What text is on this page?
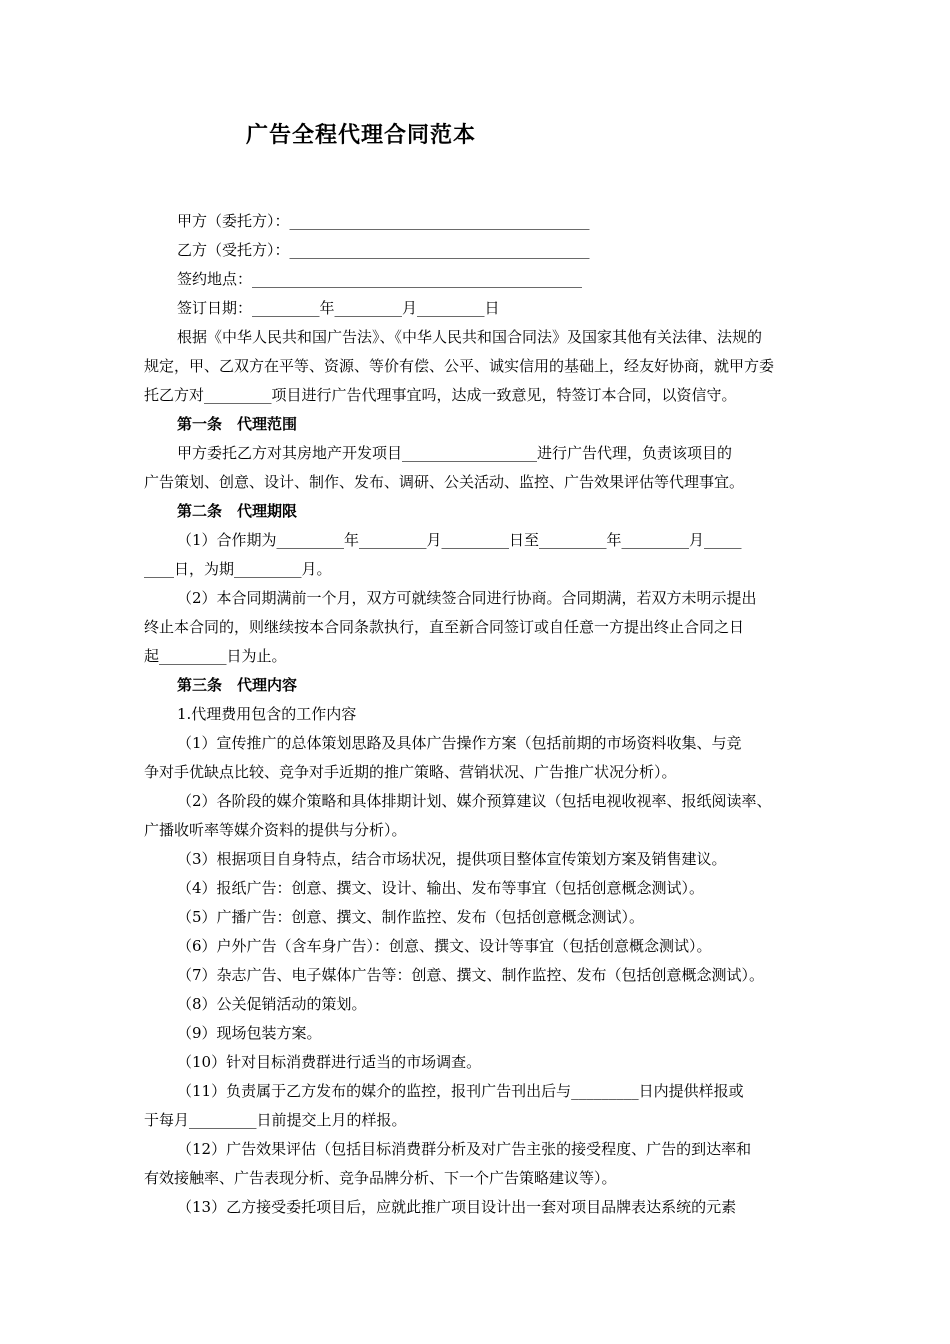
广告全程代理合同范本
甲方（委托方）：________________________________________
乙方（受托方）：________________________________________
签约地点：____________________________________________
签订日期：_________年_________月_________日
根据《中华人民共和国广告法》、《中华人民共和国合同法》及国家其他有关法律、法规的
规定，甲、乙双方在平等、资源、等价有偿、公平、诚实信用的基础上，经友好协商，就甲方委
托乙方对_________项目进行广告代理事宜吗，达成一致意见，特签订本合同，以资信守。
第一条　代理范围
甲方委托乙方对其房地产开发项目__________________进行广告代理，负责该项目的
广告策划、创意、设计、制作、发布、调研、公关活动、监控、广告效果评估等代理事宜。
第二条　代理期限
（1）合作期为_________年_________月_________日至_________年_________月_____
____日，为期_________月。
（2）本合同期满前一个月，双方可就续签合同进行协商。合同期满，若双方未明示提出
终止本合同的，则继续按本合同条款执行，直至新合同签订或自任意一方提出终止合同之日
起_________日为止。
第三条　代理内容
1.代理费用包含的工作内容
（1）宣传推广的总体策划思路及具体广告操作方案（包括前期的市场资料收集、与竞
争对手优缺点比较、竞争对手近期的推广策略、营销状况、广告推广状况分析）。
（2）各阶段的媒介策略和具体排期计划、媒介预算建议（包括电视收视率、报纸阅读率、
广播收听率等媒介资料的提供与分析）。
（3）根据项目自身特点，结合市场状况，提供项目整体宣传策划方案及销售建议。
（4）报纸广告：创意、撰文、设计、输出、发布等事宜（包括创意概念测试）。
（5）广播广告：创意、撰文、制作监控、发布（包括创意概念测试）。
（6）户外广告（含车身广告）：创意、撰文、设计等事宜（包括创意概念测试）。
（7）杂志广告、电子媒体广告等：创意、撰文、制作监控、发布（包括创意概念测试）。
（8）公关促销活动的策划。
（9）现场包装方案。
（10）针对目标消费群进行适当的市场调查。
（11）负责属于乙方发布的媒介的监控，报刊广告刊出后与_________日内提供样报或
于每月_________日前提交上月的样报。
（12）广告效果评估（包括目标消费群分析及对广告主张的接受程度、广告的到达率和
有效接触率、广告表现分析、竞争品牌分析、下一个广告策略建议等）。
（13）乙方接受委托项目后，应就此推广项目设计出一套对项目品牌表达系统的元素
